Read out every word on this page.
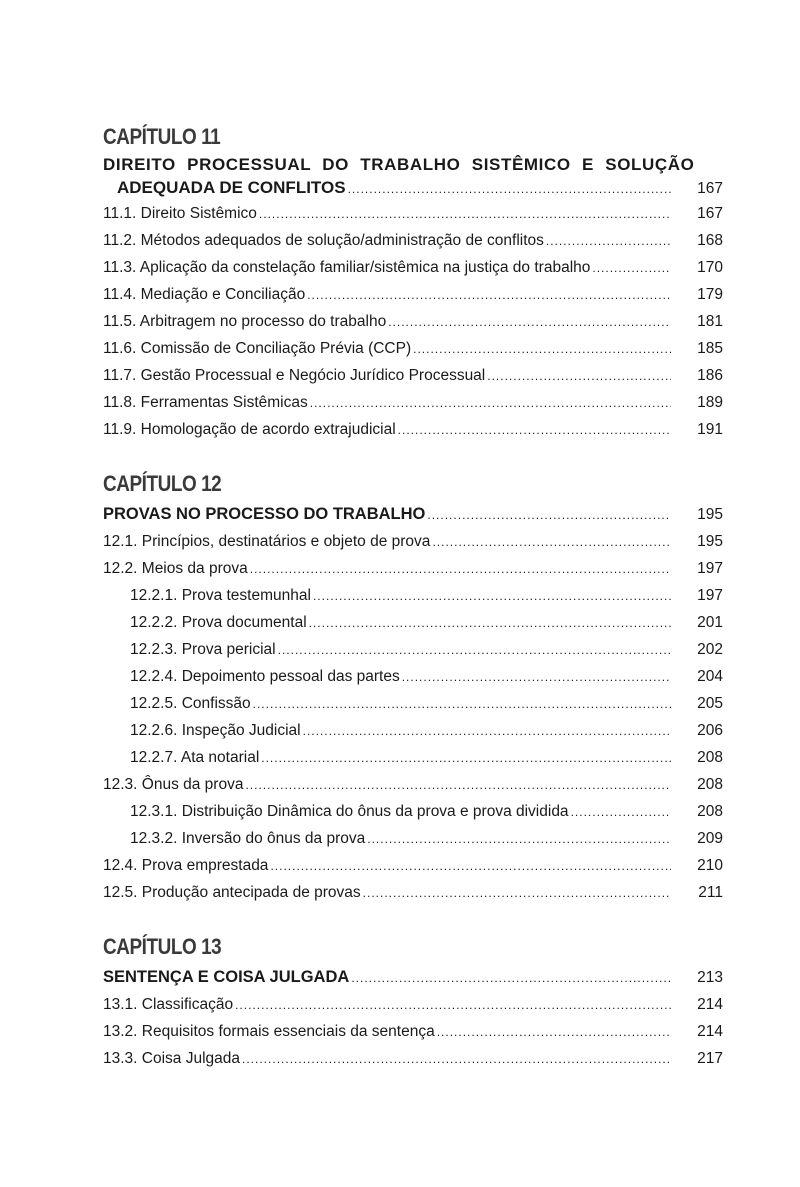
CAPÍTULO 11
DIREITO PROCESSUAL DO TRABALHO SISTÊMICO E SOLUÇÃO
ADEQUADA DE CONFLITOS .....	167
11.1. Direito Sistêmico .....	167
11.2. Métodos adequados de solução/administração de conflitos .....	168
11.3. Aplicação da constelação familiar/sistêmica na justiça do trabalho .....	170
11.4. Mediação e Conciliação .....	179
11.5. Arbitragem no processo do trabalho .....	181
11.6. Comissão de Conciliação Prévia (CCP) .....	185
11.7. Gestão Processual e Negócio Jurídico Processual .....	186
11.8. Ferramentas Sistêmicas .....	189
11.9. Homologação de acordo extrajudicial .....	191
CAPÍTULO 12
PROVAS NO PROCESSO DO TRABALHO .....	195
12.1. Princípios, destinatários e objeto de prova .....	195
12.2. Meios da prova .....	197
12.2.1. Prova testemunhal .....	197
12.2.2. Prova documental .....	201
12.2.3. Prova pericial .....	202
12.2.4. Depoimento pessoal das partes .....	204
12.2.5. Confissão .....	205
12.2.6. Inspeção Judicial .....	206
12.2.7. Ata notarial .....	208
12.3. Ônus da prova .....	208
12.3.1. Distribuição Dinâmica do ônus da prova e prova dividida .....	208
12.3.2. Inversão do ônus da prova .....	209
12.4. Prova emprestada .....	210
12.5. Produção antecipada de provas .....	211
CAPÍTULO 13
SENTENÇA E COISA JULGADA .....	213
13.1. Classificação .....	214
13.2. Requisitos formais essenciais da sentença .....	214
13.3. Coisa Julgada .....	217
